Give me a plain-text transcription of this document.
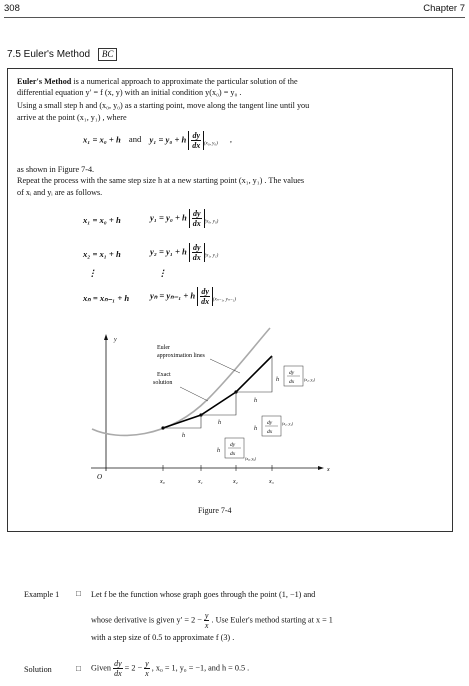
308	Chapter 7
7.5 Euler's Method BC
Euler's Method is a numerical approach to approximate the particular solution of the
differential equation y′ = f (x, y) with an initial condition y(x₀) = y₀ .
Using a small step h and (x₀, y₀) as a starting point, move along the tangent line until you
arrive at the point (x₁, y₁) , where
x₁ = x₀ + h and y₁ = y₀ + h $\frac{dy}{dx} _{(x_0, y_0)}$ ,
as shown in Figure 7-4.
Repeat the process with the same step size h at a new starting point (x₁, y₁) . The values
of xᵢ and yᵢ are as follows.
x₁ = x₀ + h	y₁ = y₀ + h $\frac{dy}{dx} _{(x_0, y_0)}$
x₂ = x₁ + h	y₂ = y₁ + h $\frac{dy}{dx} _{(x_1, y_1)}$
⋮	⋮
xₙ = xₙ₋₁ + h yₙ = yₙ₋₁ + h $\frac{dy}{dx} _{(x_{n-1}, y_{n-1})}$
y
x
O
h
h
h
h
dy
dx
(x₀, y₀)
h
dy
dx
(x₁, y₁)
h
dy
dx (x₂, y₂)
Euler
approximation lines
Exact
solution
x₀	x₁	x₂	x₃
Figure 7-4
Example 1 □ Let f be the function whose graph goes through the point (1, −1) and
whose derivative is given $y' = 2 - \frac{y}{x}$ . Use Euler's method starting at x = 1
with a step size of 0.5 to approximate f (3) .
Solution	□ Given $\frac{dy}{dx} = 2 - \frac{y}{x}$ , x₀ = 1, y₀ = −1, and h = 0.5 .
